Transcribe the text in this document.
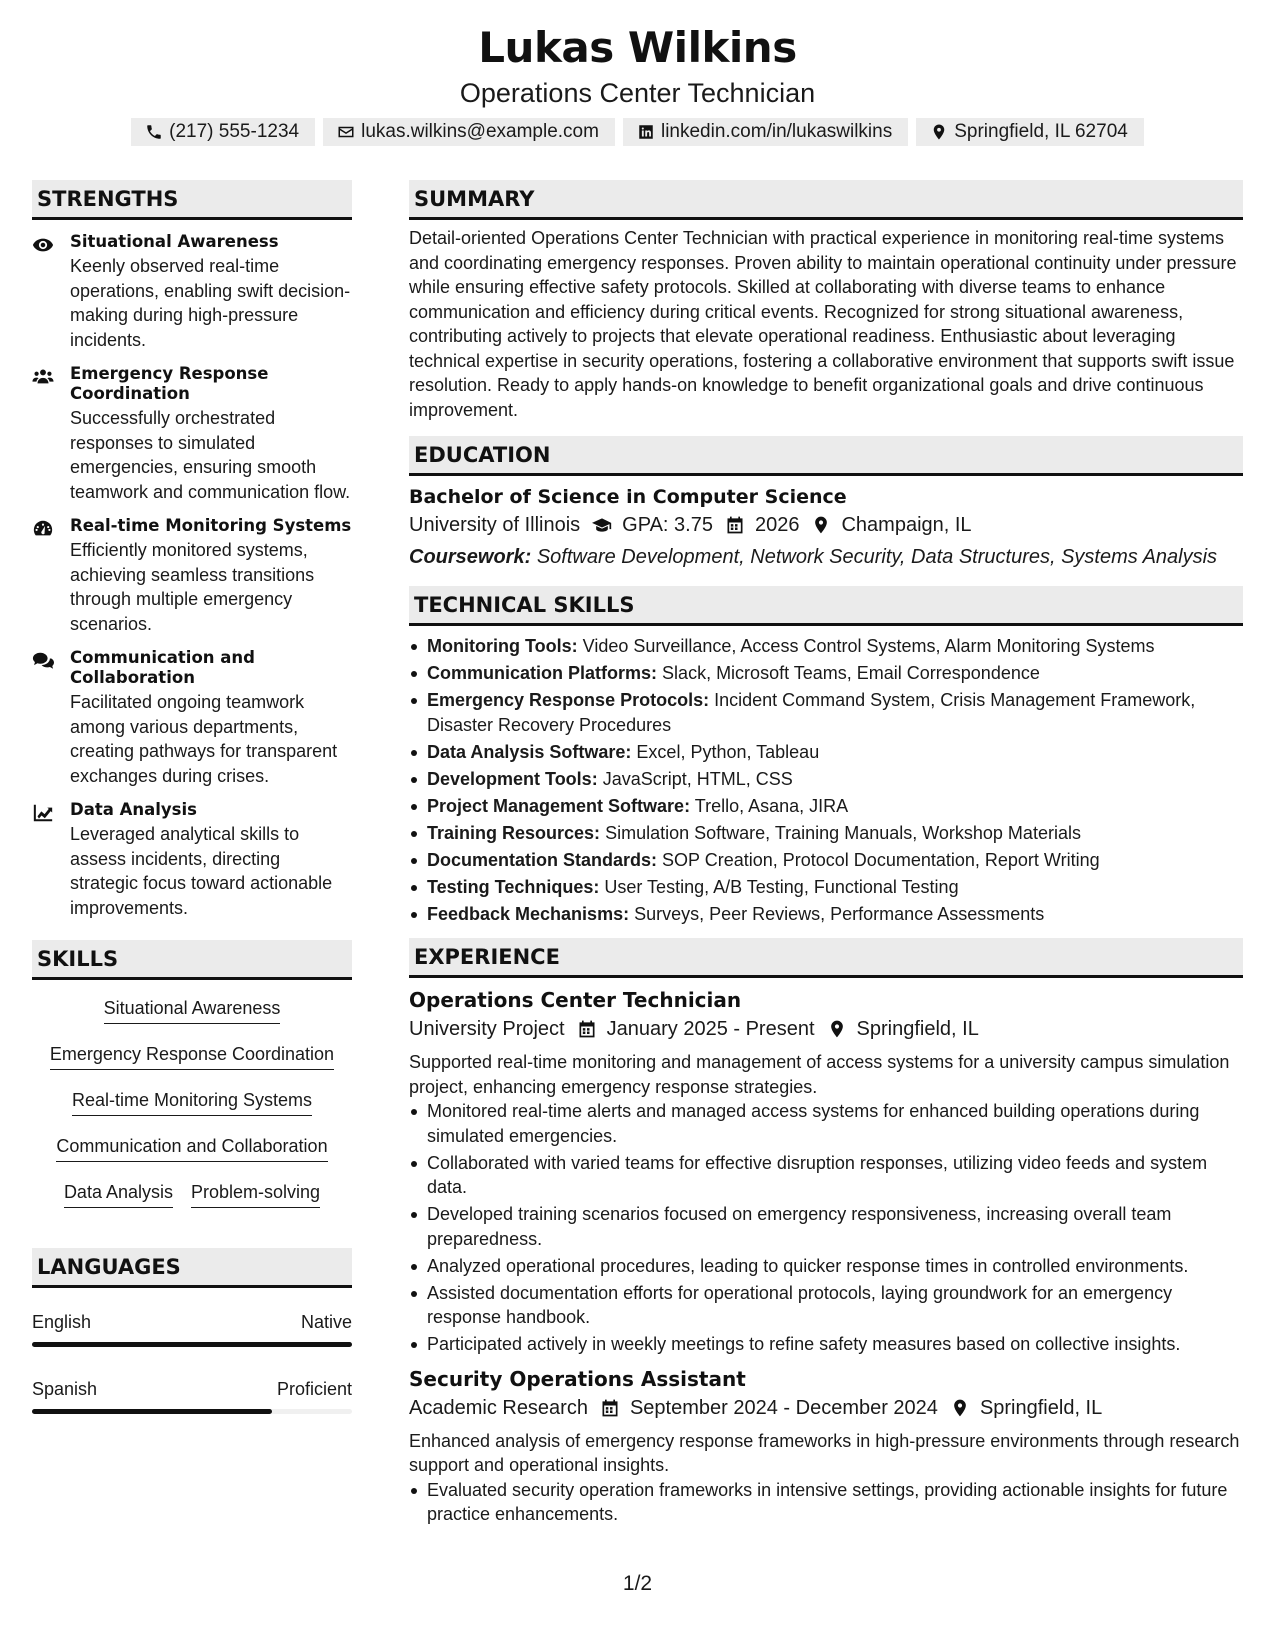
Lukas Wilkins
Operations Center Technician
(217) 555-1234	lukas.wilkins@example.com	linkedin.com/in/lukaswilkins	Springfield, IL 62704
STRENGTHS
Situational Awareness
Keenly observed real-time operations, enabling swift decision-making during high-pressure incidents.
Emergency Response Coordination
Successfully orchestrated responses to simulated emergencies, ensuring smooth teamwork and communication flow.
Real-time Monitoring Systems
Efficiently monitored systems, achieving seamless transitions through multiple emergency scenarios.
Communication and Collaboration
Facilitated ongoing teamwork among various departments, creating pathways for transparent exchanges during crises.
Data Analysis
Leveraged analytical skills to assess incidents, directing strategic focus toward actionable improvements.
SKILLS
Situational Awareness
Emergency Response Coordination
Real-time Monitoring Systems
Communication and Collaboration
Data Analysis Problem-solving
LANGUAGES
English	Native
Spanish	Proficient
SUMMARY
Detail-oriented Operations Center Technician with practical experience in monitoring real-time systems and coordinating emergency responses. Proven ability to maintain operational continuity under pressure while ensuring effective safety protocols. Skilled at collaborating with diverse teams to enhance communication and efficiency during critical events. Recognized for strong situational awareness, contributing actively to projects that elevate operational readiness. Enthusiastic about leveraging technical expertise in security operations, fostering a collaborative environment that supports swift issue resolution. Ready to apply hands-on knowledge to benefit organizational goals and drive continuous improvement.
EDUCATION
Bachelor of Science in Computer Science
University of Illinois GPA: 3.75 2026 Champaign, IL
Coursework: Software Development, Network Security, Data Structures, Systems Analysis
TECHNICAL SKILLS
Monitoring Tools: Video Surveillance, Access Control Systems, Alarm Monitoring Systems
Communication Platforms: Slack, Microsoft Teams, Email Correspondence
Emergency Response Protocols: Incident Command System, Crisis Management Framework, Disaster Recovery Procedures
Data Analysis Software: Excel, Python, Tableau
Development Tools: JavaScript, HTML, CSS
Project Management Software: Trello, Asana, JIRA
Training Resources: Simulation Software, Training Manuals, Workshop Materials
Documentation Standards: SOP Creation, Protocol Documentation, Report Writing
Testing Techniques: User Testing, A/B Testing, Functional Testing
Feedback Mechanisms: Surveys, Peer Reviews, Performance Assessments
EXPERIENCE
Operations Center Technician
University Project January 2025 - Present Springfield, IL
Supported real-time monitoring and management of access systems for a university campus simulation project, enhancing emergency response strategies.
Monitored real-time alerts and managed access systems for enhanced building operations during simulated emergencies.
Collaborated with varied teams for effective disruption responses, utilizing video feeds and system data.
Developed training scenarios focused on emergency responsiveness, increasing overall team preparedness.
Analyzed operational procedures, leading to quicker response times in controlled environments.
Assisted documentation efforts for operational protocols, laying groundwork for an emergency response handbook.
Participated actively in weekly meetings to refine safety measures based on collective insights.
Security Operations Assistant
Academic Research September 2024 - December 2024 Springfield, IL
Enhanced analysis of emergency response frameworks in high-pressure environments through research support and operational insights.
Evaluated security operation frameworks in intensive settings, providing actionable insights for future practice enhancements.
1/2
